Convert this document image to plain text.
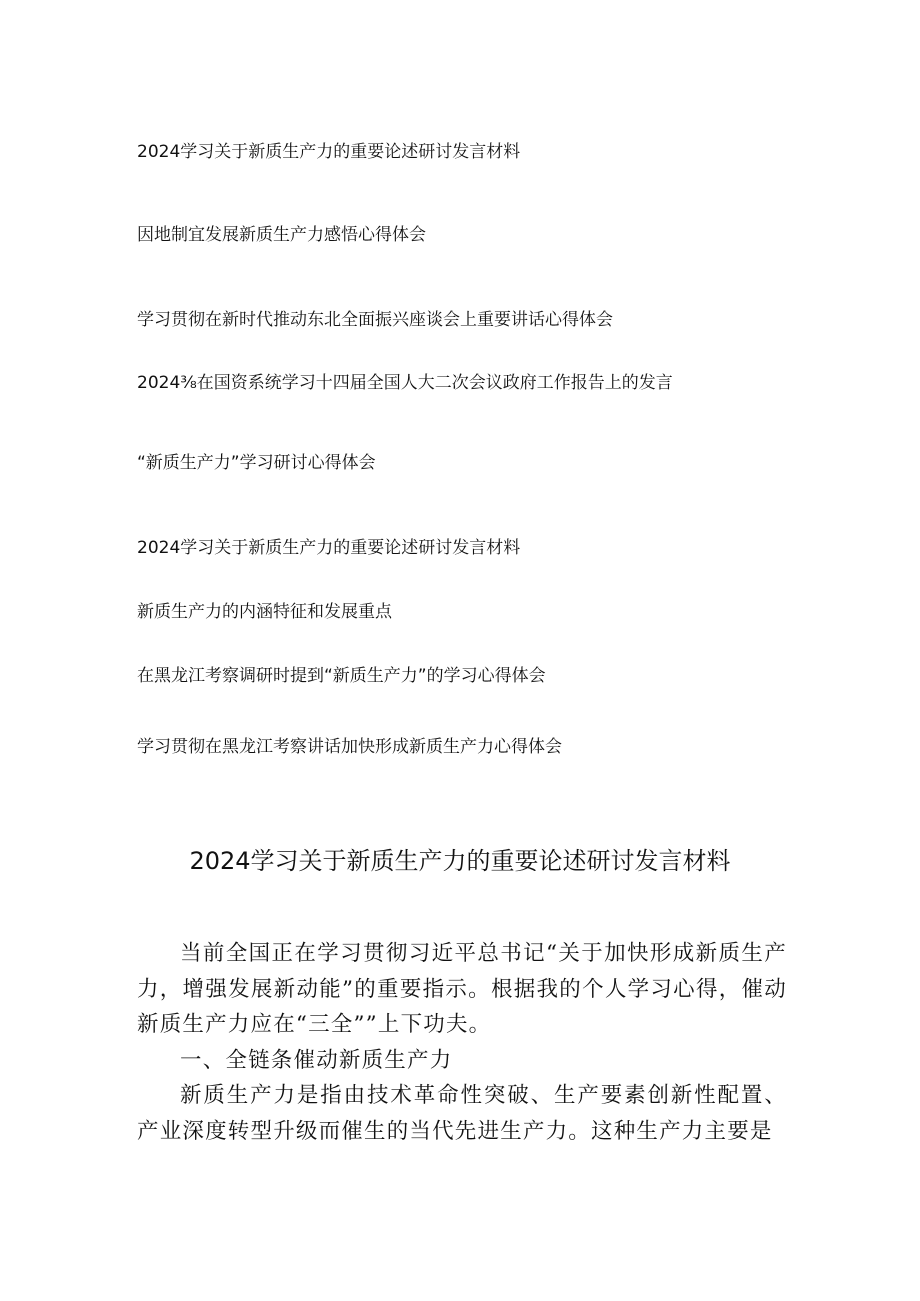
2024学习关于新质生产力的重要论述研讨发言材料
因地制宜发展新质生产力感悟心得体会
学习贯彻在新时代推动东北全面振兴座谈会上重要讲话心得体会
2024⅜在国资系统学习十四届全国人大二次会议政府工作报告上的发言
“新质生产力”学习研讨心得体会
2024学习关于新质生产力的重要论述研讨发言材料
新质生产力的内涵特征和发展重点
在黑龙江考察调研时提到“新质生产力”的学习心得体会
学习贯彻在黑龙江考察讲话加快形成新质生产力心得体会
2024学习关于新质生产力的重要论述研讨发言材料

当前全国正在学习贯彻习近平总书记“关于加快形成新质生产力，增强发展新动能”的重要指示。根据我的个人学习心得，催动新质生产力应在“三全””上下功夫。

一、全链条催动新质生产力

新质生产力是指由技术革命性突破、生产要素创新性配置、产业深度转型升级而催生的当代先进生产力。这种生产力主要是
